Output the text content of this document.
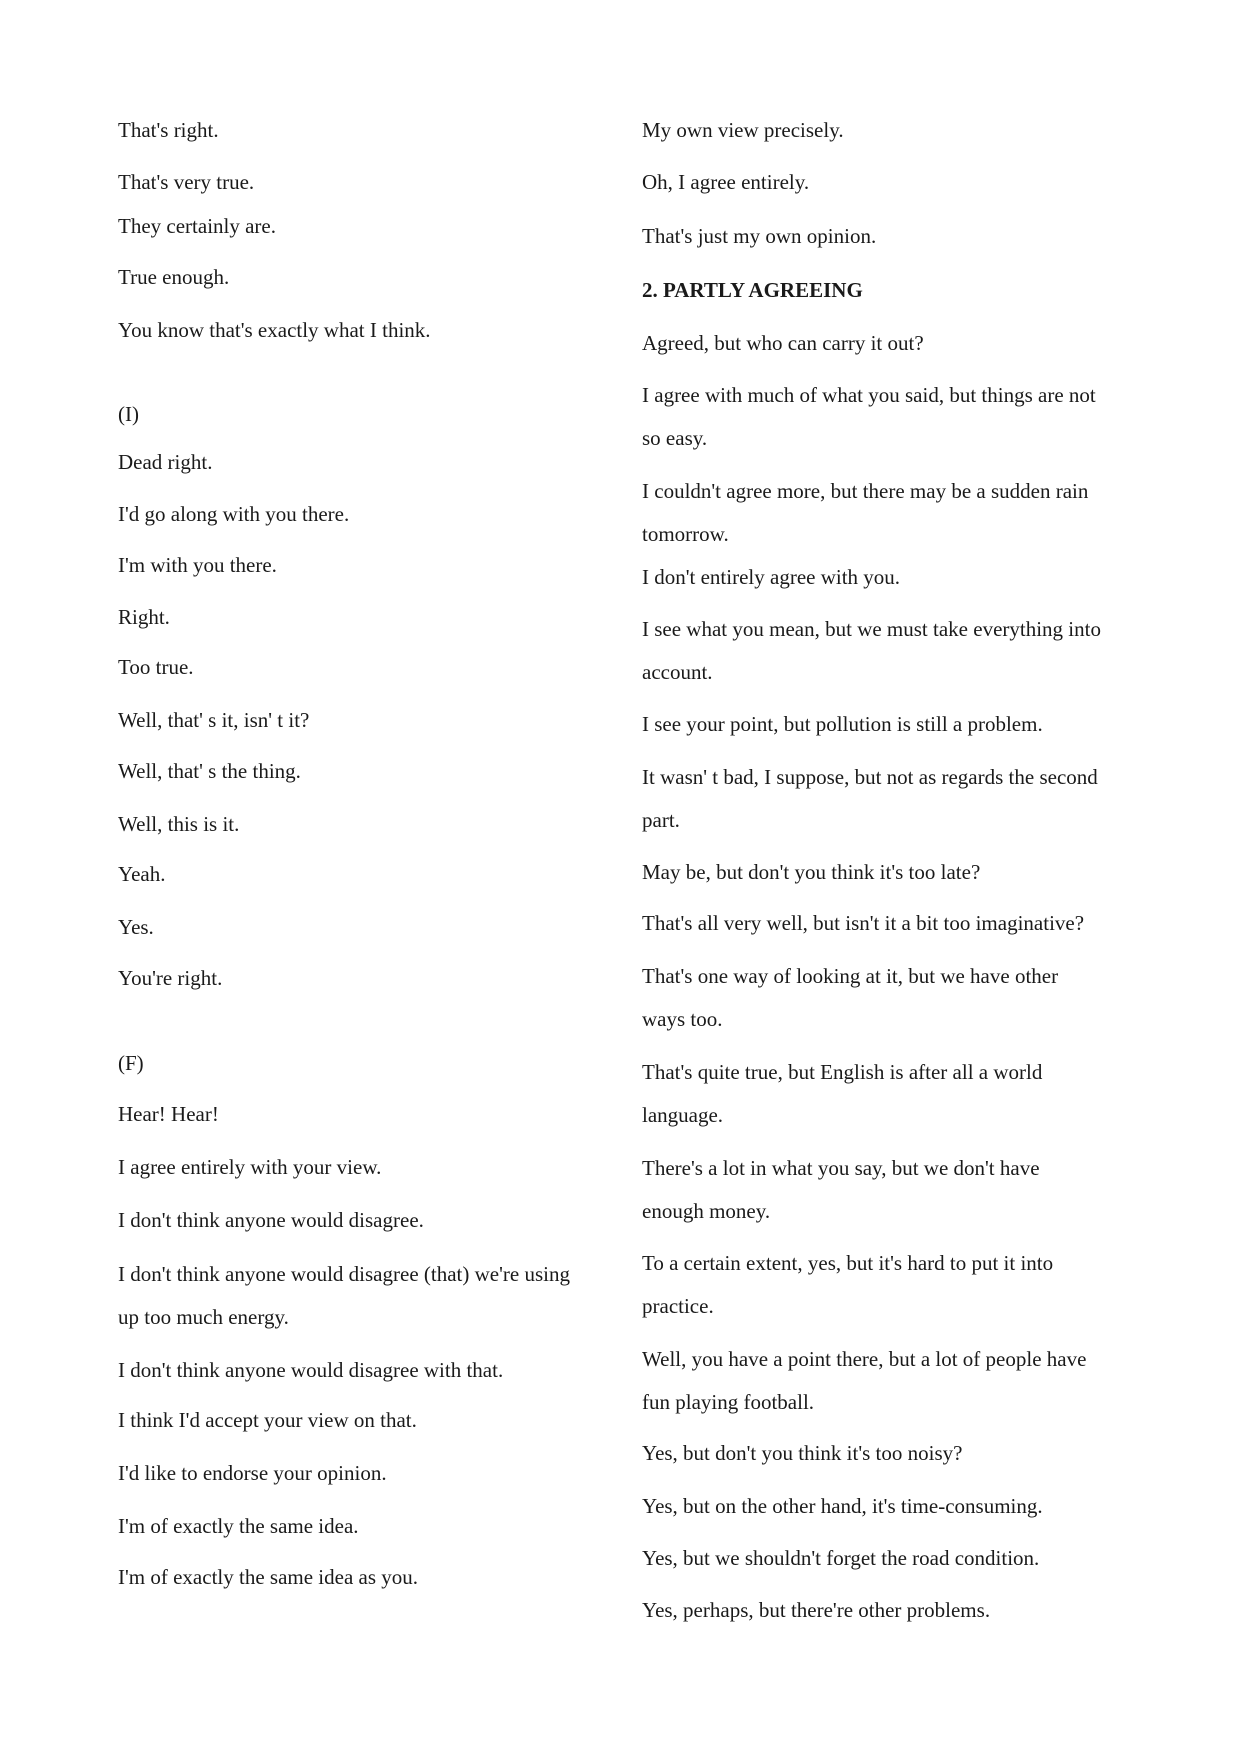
That's right.
That's very true.
They certainly are.
True enough.
You know that's exactly what I think.
(I)
Dead right.
I'd go along with you there.
I'm with you there.
Right.
Too true.
Well, that' s it, isn' t it?
Well, that' s the thing.
Well, this is it.
Yeah.
Yes.
You're right.
(F)
Hear! Hear!
I agree entirely with your view.
I don't think anyone would disagree.
I don't think anyone would disagree (that) we're using
up too much energy.
I don't think anyone would disagree with that.
I think I'd accept your view on that.
I'd like to endorse your opinion.
I'm of exactly the same idea.
I'm of exactly the same idea as you.
My own view precisely.
Oh, I agree entirely.
That's just my own opinion.
2. PARTLY AGREEING
Agreed, but who can carry it out?
I agree with much of what you said, but things are not
so easy.
I couldn't agree more, but there may be a sudden rain
tomorrow.
I don't entirely agree with you.
I see what you mean, but we must take everything into
account.
I see your point, but pollution is still a problem.
It wasn' t bad, I suppose, but not as regards the second
part.
May be, but don't you think it's too late?
That's all very well, but isn't it a bit too imaginative?
That's one way of looking at it, but we have other
ways too.
That's quite true, but English is after all a world
language.
There's a lot in what you say, but we don't have
enough money.
To a certain extent, yes, but it's hard to put it into
practice.
Well, you have a point there, but a lot of people have
fun playing football.
Yes, but don't you think it's too noisy?
Yes, but on the other hand, it's time-consuming.
Yes, but we shouldn't forget the road condition.
Yes, perhaps, but there're other problems.
